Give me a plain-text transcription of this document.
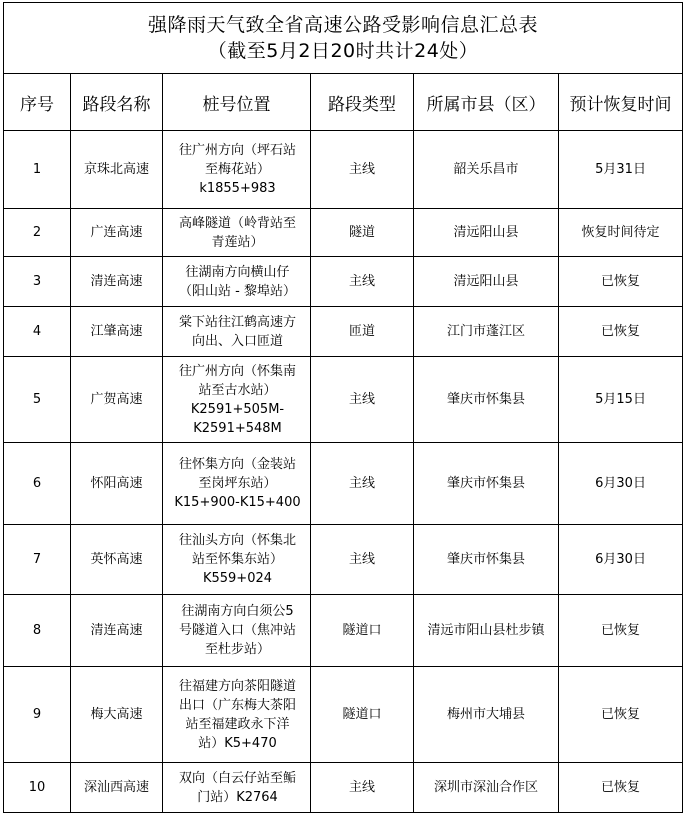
强降雨天气致全省高速公路受影响信息汇总表
（截至5月2日20时共计24处）					

序号	路段名称	桩号位置	路段类型	所属市县（区）	预计恢复时间
1	京珠北高速	往广州方向（坪石站
至梅花站）
k1855+983	主线	韶关乐昌市	5月31日
2	广连高速	高峰隧道（岭背站至
青莲站）	隧道	清远阳山县	恢复时间待定
3	清连高速	往湖南方向横山仔
（阳山站 - 黎埠站）	主线	清远阳山县	已恢复
4	江肇高速	棠下站往江鹤高速方
向出、入口匝道	匝道	江门市蓬江区	已恢复
5	广贺高速	往广州方向（怀集南
站至古水站）
K2591+505M-
K2591+548M	主线	肇庆市怀集县	5月15日
6	怀阳高速	往怀集方向（金装站
至岗坪东站）
K15+900-K15+400	主线	肇庆市怀集县	6月30日
7	英怀高速	往汕头方向（怀集北
站至怀集东站）
K559+024	主线	肇庆市怀集县	6月30日
8	清连高速	往湖南方向白须公5
号隧道入口（焦冲站
至杜步站）	隧道口	清远市阳山县杜步镇	已恢复
9	梅大高速	往福建方向茶阳隧道
出口（广东梅大茶阳
站至福建政永下洋
站）K5+470	隧道口	梅州市大埔县	已恢复
10	深汕西高速	双向（白云仔站至鲘
门站）K2764	主线	深圳市深汕合作区	已恢复
